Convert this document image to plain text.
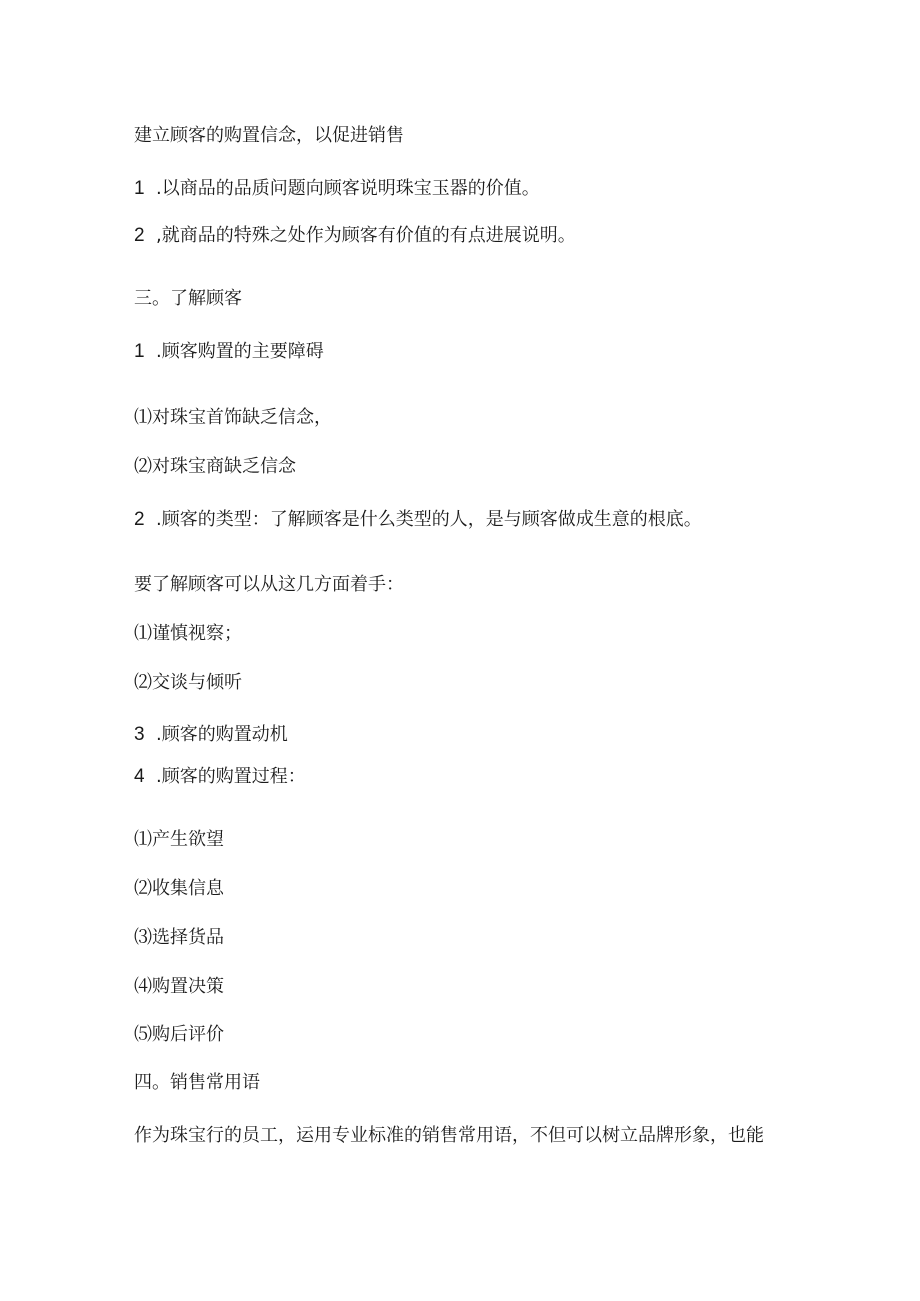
建立顾客的购置信念，以促进销售
1.以商品的品质问题向顾客说明珠宝玉器的价值。
2,就商品的特殊之处作为顾客有价值的有点进展说明。
三。了解顾客
1.顾客购置的主要障碍
⑴对珠宝首饰缺乏信念，
⑵对珠宝商缺乏信念
2.顾客的类型：了解顾客是什么类型的人，是与顾客做成生意的根底。
要了解顾客可以从这几方面着手：
⑴谨慎视察；
⑵交谈与倾听
3.顾客的购置动机
4.顾客的购置过程：
⑴产生欲望
⑵收集信息
⑶选择货品
⑷购置决策
⑸购后评价
四。销售常用语
作为珠宝行的员工，运用专业标准的销售常用语，不但可以树立品牌形象，也能
